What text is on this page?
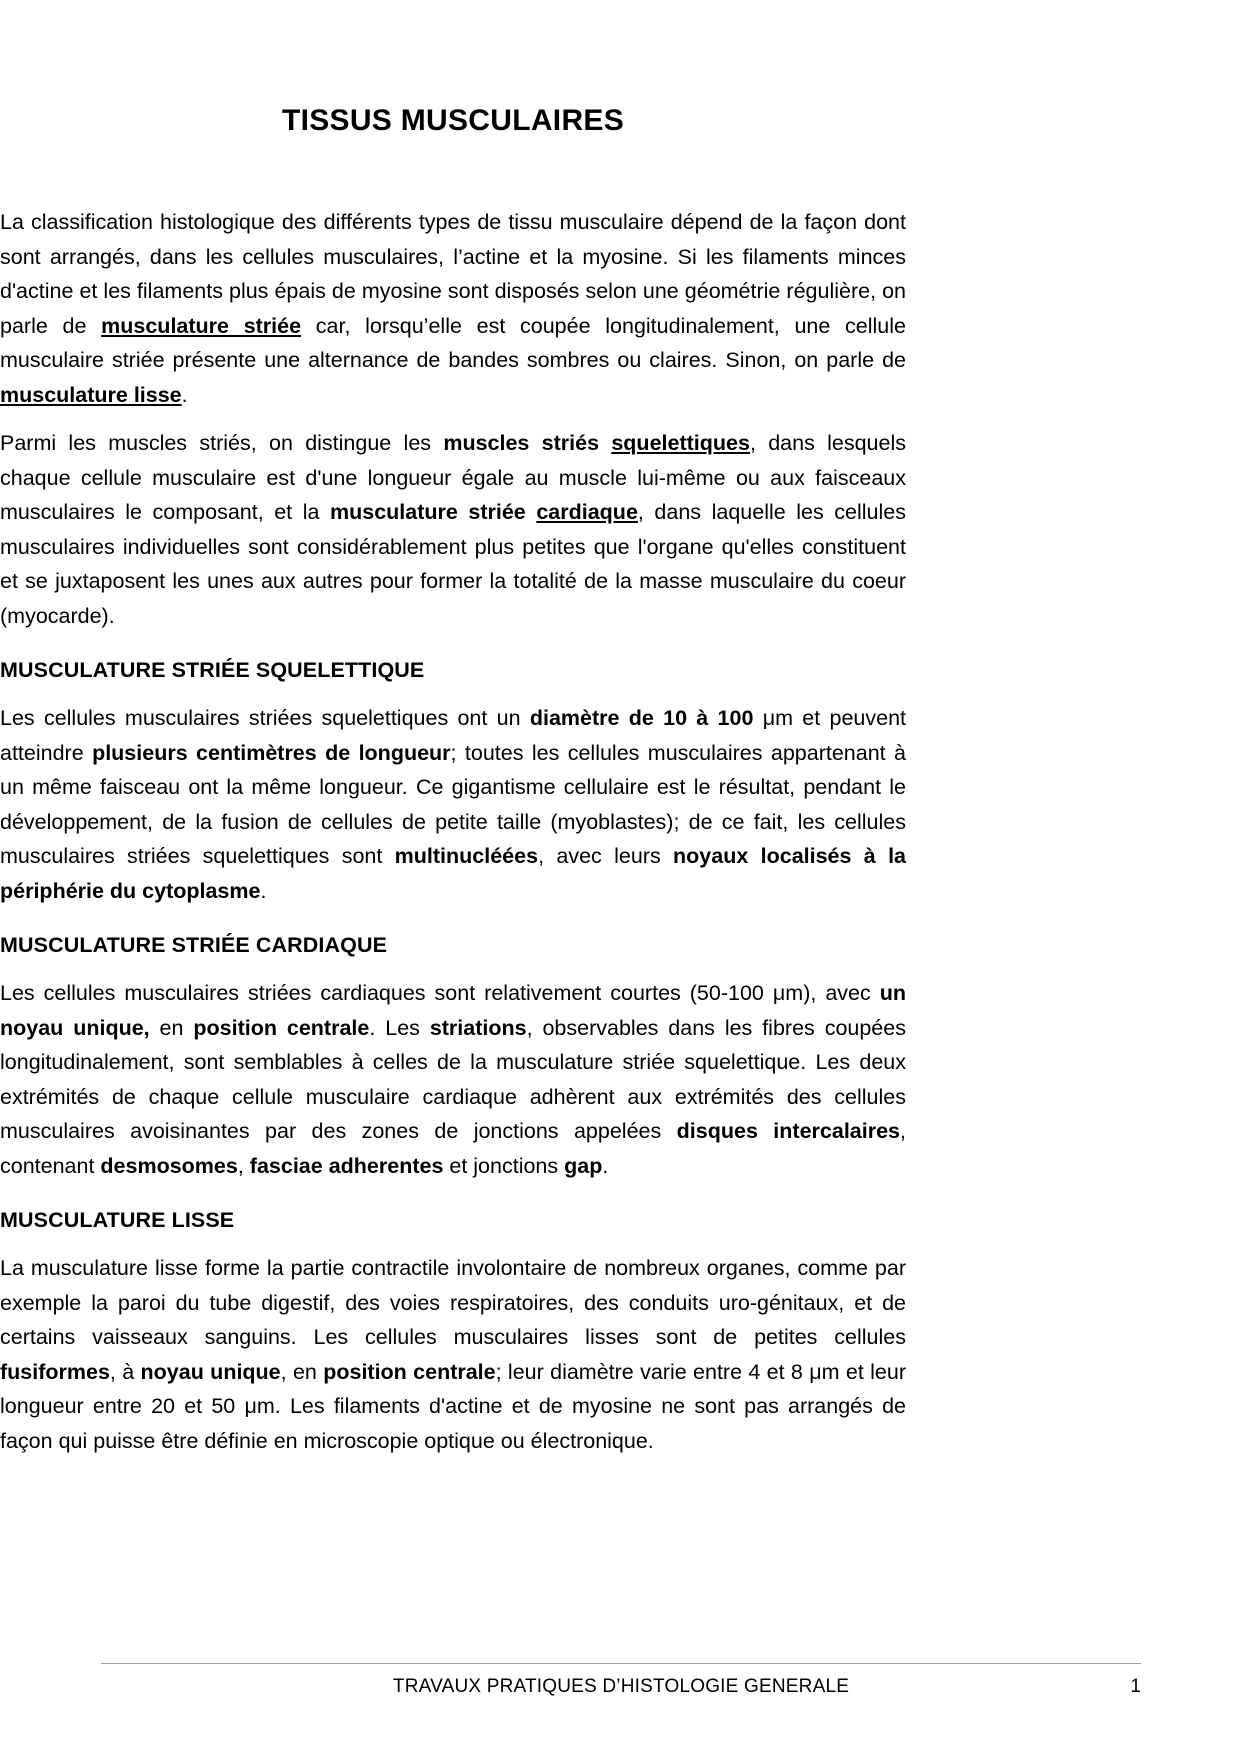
TISSUS MUSCULAIRES

La classification histologique des différents types de tissu musculaire dépend de la façon dont sont arrangés, dans les cellules musculaires, l’actine et la myosine. Si les filaments minces d'actine et les filaments plus épais de myosine sont disposés selon une géométrie régulière, on parle de musculature striée car, lorsqu’elle est coupée longitudinalement, une cellule musculaire striée présente une alternance de bandes sombres ou claires. Sinon, on parle de musculature lisse.

Parmi les muscles striés, on distingue les muscles striés squelettiques, dans lesquels chaque cellule musculaire est d'une longueur égale au muscle lui-même ou aux faisceaux musculaires le composant, et la musculature striée cardiaque, dans laquelle les cellules musculaires individuelles sont considérablement plus petites que l'organe qu'elles constituent et se juxtaposent les unes aux autres pour former la totalité de la masse musculaire du coeur (myocarde).

MUSCULATURE STRIÉE SQUELETTIQUE

Les cellules musculaires striées squelettiques ont un diamètre de 10 à 100 μm et peuvent atteindre plusieurs centimètres de longueur; toutes les cellules musculaires appartenant à un même faisceau ont la même longueur. Ce gigantisme cellulaire est le résultat, pendant le développement, de la fusion de cellules de petite taille (myoblastes); de ce fait, les cellules musculaires striées squelettiques sont multinucléées, avec leurs noyaux localisés à la périphérie du cytoplasme.

MUSCULATURE STRIÉE CARDIAQUE

Les cellules musculaires striées cardiaques sont relativement courtes (50-100 μm), avec un noyau unique, en position centrale. Les striations, observables dans les fibres coupées longitudinalement, sont semblables à celles de la musculature striée squelettique. Les deux extrémités de chaque cellule musculaire cardiaque adhèrent aux extrémités des cellules musculaires avoisinantes par des zones de jonctions appelées disques intercalaires, contenant desmosomes, fasciae adherentes et jonctions gap.

MUSCULATURE LISSE

La musculature lisse forme la partie contractile involontaire de nombreux organes, comme par exemple la paroi du tube digestif, des voies respiratoires, des conduits uro-génitaux, et de certains vaisseaux sanguins. Les cellules musculaires lisses sont de petites cellules fusiformes, à noyau unique, en position centrale; leur diamètre varie entre 4 et 8 μm et leur longueur entre 20 et 50 μm. Les filaments d'actine et de myosine ne sont pas arrangés de façon qui puisse être définie en microscopie optique ou électronique.

TRAVAUX PRATIQUES D’HISTOLOGIE GENERALE	1
